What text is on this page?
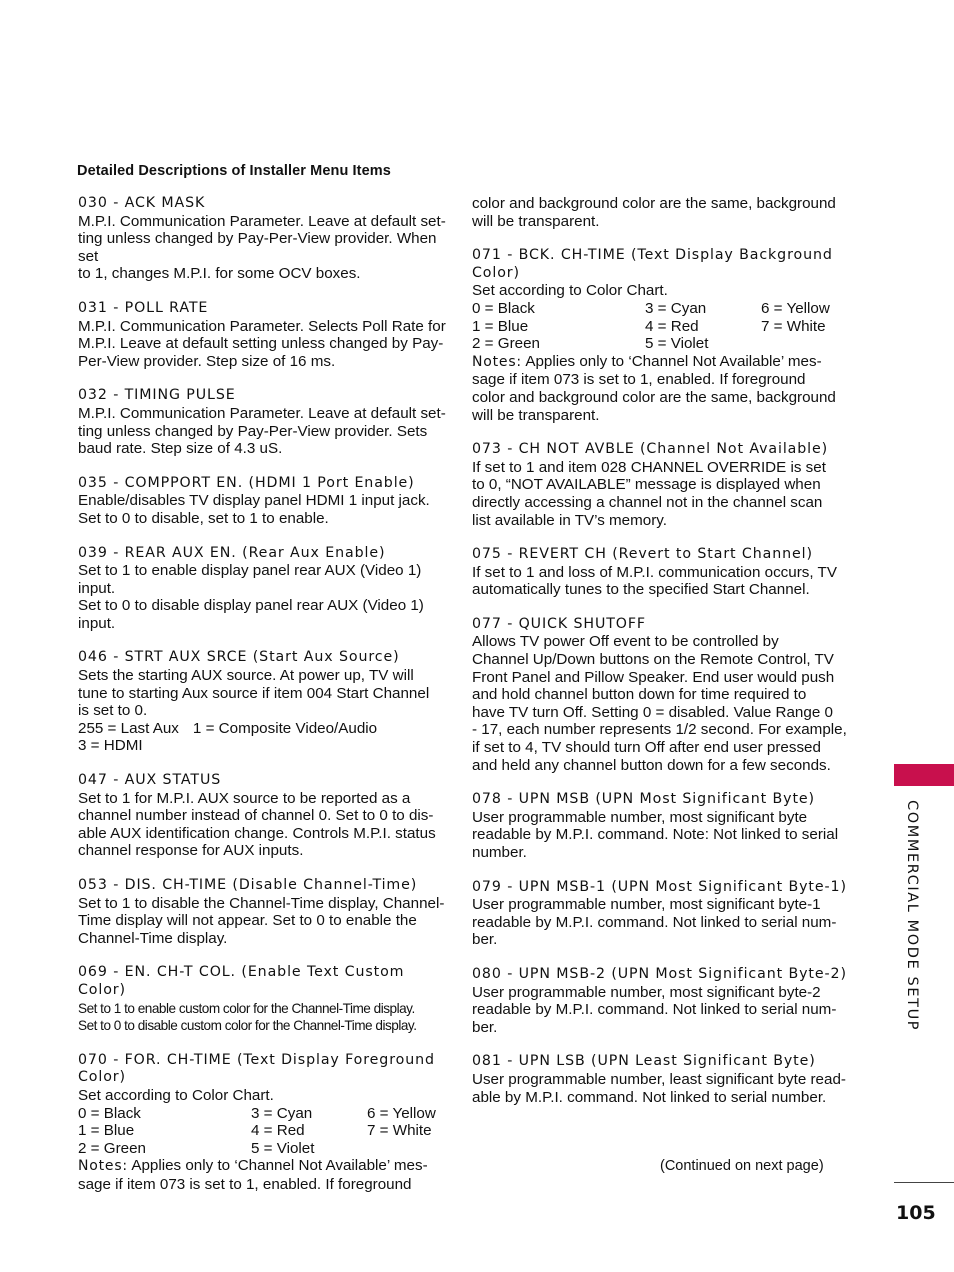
Detailed Descriptions of Installer Menu Items
030 - ACK MASK
M.P.I. Communication Parameter. Leave at default set-
ting unless changed by Pay-Per-View provider. When set
to 1, changes M.P.I. for some OCV boxes.
031 - POLL RATE
M.P.I. Communication Parameter. Selects Poll Rate for
M.P.I. Leave at default setting unless changed by Pay-
Per-View provider. Step size of 16 ms.
032 - TIMING PULSE
M.P.I. Communication Parameter. Leave at default set-
ting unless changed by Pay-Per-View provider. Sets
baud rate. Step size of 4.3 uS.
035 - COMPPORT EN. (HDMI 1 Port Enable)
Enable/disables TV display panel HDMI 1 input jack.
Set to 0 to disable, set to 1 to enable.
039 - REAR AUX EN. (Rear Aux Enable)
Set to 1 to enable display panel rear AUX (Video 1)
input.
Set to 0 to disable display panel rear AUX (Video 1)
input.
046 - STRT AUX SRCE (Start Aux Source)
Sets the starting AUX source. At power up, TV will
tune to starting Aux source if item 004 Start Channel
is set to 0.
255 = Last Aux 1 = Composite Video/Audio
3 = HDMI
047 - AUX STATUS
Set to 1 for M.P.I. AUX source to be reported as a
channel number instead of channel 0. Set to 0 to dis-
able AUX identification change. Controls M.P.I. status
channel response for AUX inputs.
053 - DIS. CH-TIME (Disable Channel-Time)
Set to 1 to disable the Channel-Time display, Channel-
Time display will not appear. Set to 0 to enable the
Channel-Time display.
069 - EN. CH-T COL. (Enable Text Custom Color)
Set to 1 to enable custom color for the Channel-Time display.
Set to 0 to disable custom color for the Channel-Time display.
070 - FOR. CH-TIME (Text Display Foreground
Color)
Set according to Color Chart.
0 = Black	3 = Cyan	6 = Yellow
1 = Blue	4 = Red	7 = White
2 = Green	5 = Violet
Notes: Applies only to ‘Channel Not Available’ mes-
sage if item 073 is set to 1, enabled. If foreground
color and background color are the same, background
will be transparent.
071 - BCK. CH-TIME (Text Display Background
Color)
Set according to Color Chart.
0 = Black	3 = Cyan	6 = Yellow
1 = Blue	4 = Red	7 = White
2 = Green	5 = Violet
Notes: Applies only to ‘Channel Not Available’ mes-
sage if item 073 is set to 1, enabled. If foreground
color and background color are the same, background
will be transparent.
073 - CH NOT AVBLE (Channel Not Available)
If set to 1 and item 028 CHANNEL OVERRIDE is set
to 0, “NOT AVAILABLE” message is displayed when
directly accessing a channel not in the channel scan
list available in TV’s memory.
075 - REVERT CH (Revert to Start Channel)
If set to 1 and loss of M.P.I. communication occurs, TV
automatically tunes to the specified Start Channel.
077 - QUICK SHUTOFF
Allows TV power Off event to be controlled by
Channel Up/Down buttons on the Remote Control, TV
Front Panel and Pillow Speaker. End user would push
and hold channel button down for time required to
have TV turn Off. Setting 0 = disabled. Value Range 0
- 17, each number represents 1/2 second. For example,
if set to 4, TV should turn Off after end user pressed
and held any channel button down for a few seconds.
078 - UPN MSB (UPN Most Significant Byte)
User programmable number, most significant byte
readable by M.P.I. command. Note: Not linked to serial
number.
079 - UPN MSB-1 (UPN Most Significant Byte-1)
User programmable number, most significant byte-1
readable by M.P.I. command. Not linked to serial num-
ber.
080 - UPN MSB-2 (UPN Most Significant Byte-2)
User programmable number, most significant byte-2
readable by M.P.I. command. Not linked to serial num-
ber.
081 - UPN LSB (UPN Least Significant Byte)
User programmable number, least significant byte read-
able by M.P.I. command. Not linked to serial number.
(Continued on next page)
COMMERCIAL MODE SETUP
105
